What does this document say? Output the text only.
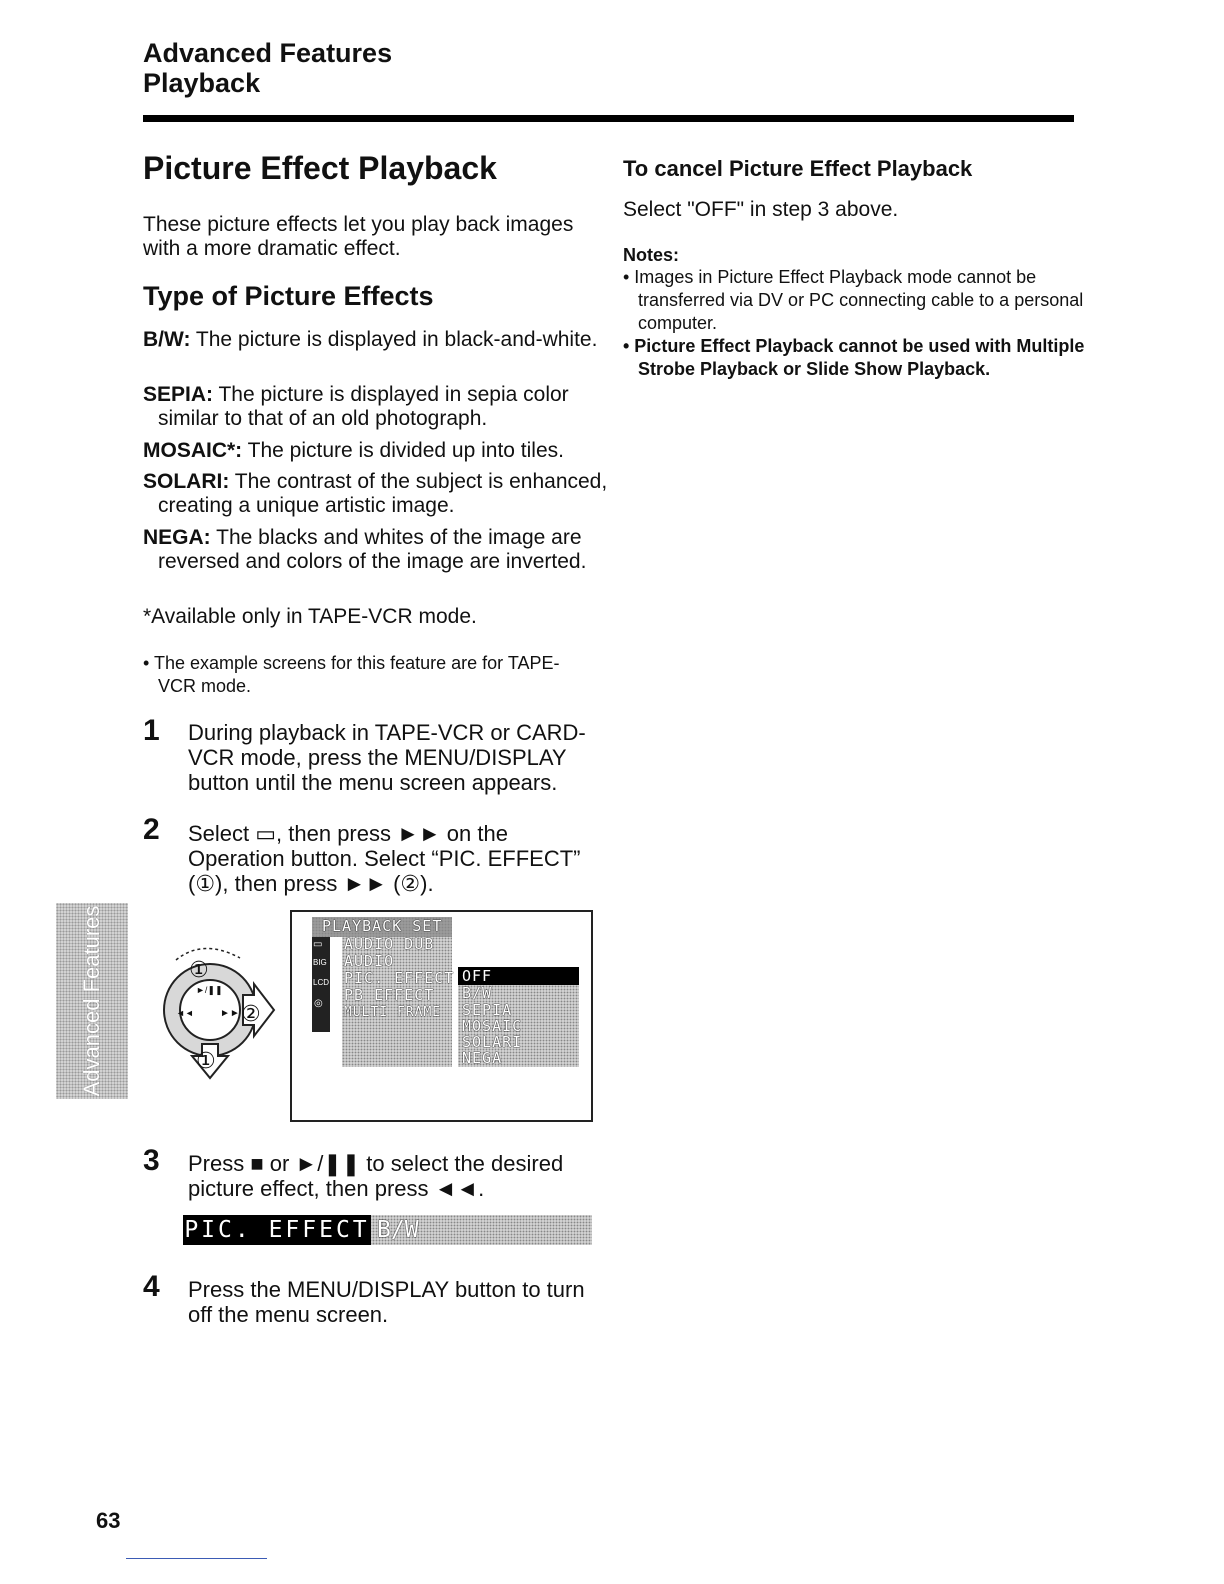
Advanced Features
Playback
Picture Effect Playback
These picture effects let you play back images with a more dramatic effect.
Type of Picture Effects
B/W: The picture is displayed in black-and-white.
SEPIA: The picture is displayed in sepia color similar to that of an old photograph.
MOSAIC*: The picture is divided up into tiles.
SOLARI: The contrast of the subject is enhanced, creating a unique artistic image.
NEGA: The blacks and whites of the image are reversed and colors of the image are inverted.
*Available only in TAPE-VCR mode.
• The example screens for this feature are for TAPE-VCR mode.
1 During playback in TAPE-VCR or CARD-VCR mode, press the MENU/DISPLAY button until the menu screen appears.
2 Select ▭, then press ►► on the Operation button. Select “PIC. EFFECT” (①), then press ►► (②).
①
②
①
►/❚❚
◄◄	►►
PLAYBACK SET
▭
BIG
LCD
◎
AUDIO DUB
AUDIO
PIC. EFFECT
PB EFFECT
MULTI FRAME
OFF
B/W
SEPIA
MOSAIC
SOLARI
NEGA
3 Press ■ or ►/❚❚ to select the desired picture effect, then press ◄◄.
PIC. EFFECT B/W
4 Press the MENU/DISPLAY button to turn off the menu screen.
To cancel Picture Effect Playback
Select "OFF" in step 3 above.
Notes:
• Images in Picture Effect Playback mode cannot be transferred via DV or PC connecting cable to a personal computer.
• Picture Effect Playback cannot be used with Multiple Strobe Playback or Slide Show Playback.
Advanced Features
63
